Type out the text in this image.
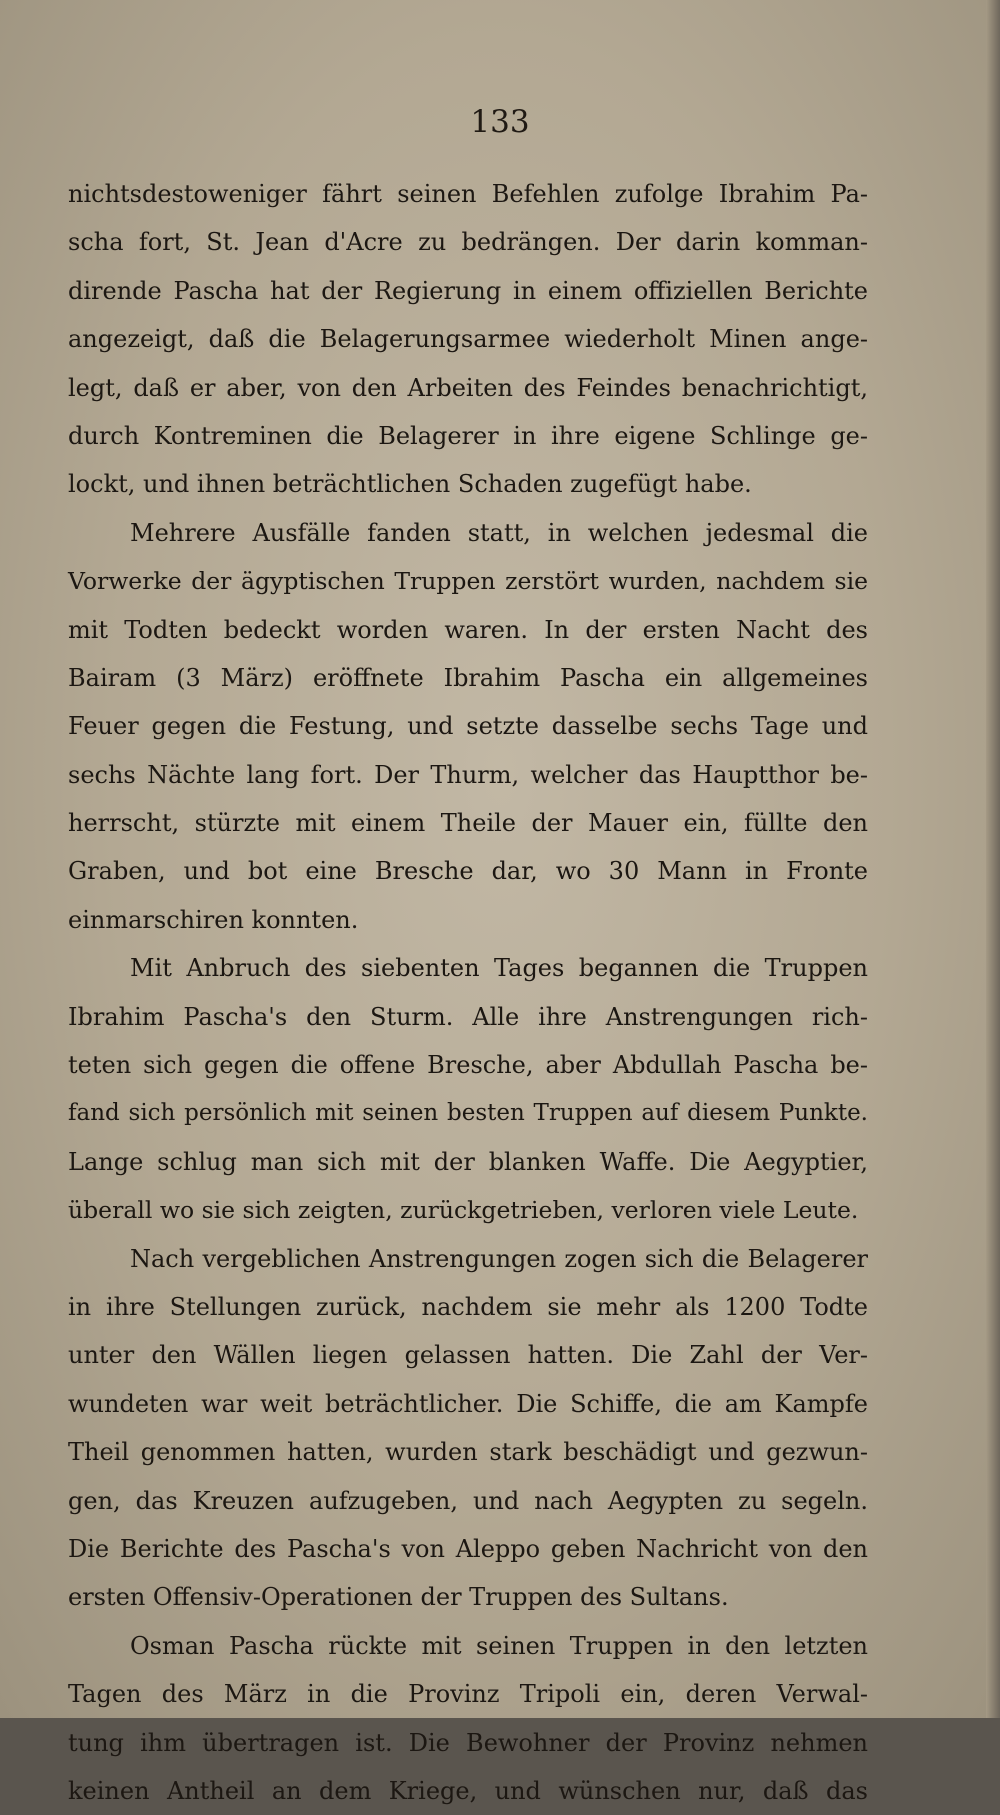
133
nichtsdestoweniger fährt seinen Befehlen zufolge Ibrahim Pa-
scha fort, St. Jean d'Acre zu bedrängen. Der darin komman-
dirende Pascha hat der Regierung in einem offiziellen Berichte
angezeigt, daß die Belagerungsarmee wiederholt Minen ange-
legt, daß er aber, von den Arbeiten des Feindes benachrichtigt,
durch Kontreminen die Belagerer in ihre eigene Schlinge ge-
lockt, und ihnen beträchtlichen Schaden zugefügt habe.
Mehrere Ausfälle fanden statt, in welchen jedesmal die
Vorwerke der ägyptischen Truppen zerstört wurden, nachdem sie
mit Todten bedeckt worden waren. In der ersten Nacht des
Bairam (3 März) eröffnete Ibrahim Pascha ein allgemeines
Feuer gegen die Festung, und setzte dasselbe sechs Tage und
sechs Nächte lang fort. Der Thurm, welcher das Hauptthor be-
herrscht, stürzte mit einem Theile der Mauer ein, füllte den
Graben, und bot eine Bresche dar, wo 30 Mann in Fronte
einmarschiren konnten.
Mit Anbruch des siebenten Tages begannen die Truppen
Ibrahim Pascha's den Sturm. Alle ihre Anstrengungen rich-
teten sich gegen die offene Bresche, aber Abdullah Pascha be-
fand sich persönlich mit seinen besten Truppen auf diesem Punkte.
Lange schlug man sich mit der blanken Waffe. Die Aegyptier,
überall wo sie sich zeigten, zurückgetrieben, verloren viele Leute.
Nach vergeblichen Anstrengungen zogen sich die Belagerer
in ihre Stellungen zurück, nachdem sie mehr als 1200 Todte
unter den Wällen liegen gelassen hatten. Die Zahl der Ver-
wundeten war weit beträchtlicher. Die Schiffe, die am Kampfe
Theil genommen hatten, wurden stark beschädigt und gezwun-
gen, das Kreuzen aufzugeben, und nach Aegypten zu segeln.
Die Berichte des Pascha's von Aleppo geben Nachricht von den
ersten Offensiv-Operationen der Truppen des Sultans.
Osman Pascha rückte mit seinen Truppen in den letzten
Tagen des März in die Provinz Tripoli ein, deren Verwal-
tung ihm übertragen ist. Die Bewohner der Provinz nehmen
keinen Antheil an dem Kriege, und wünschen nur, daß das
